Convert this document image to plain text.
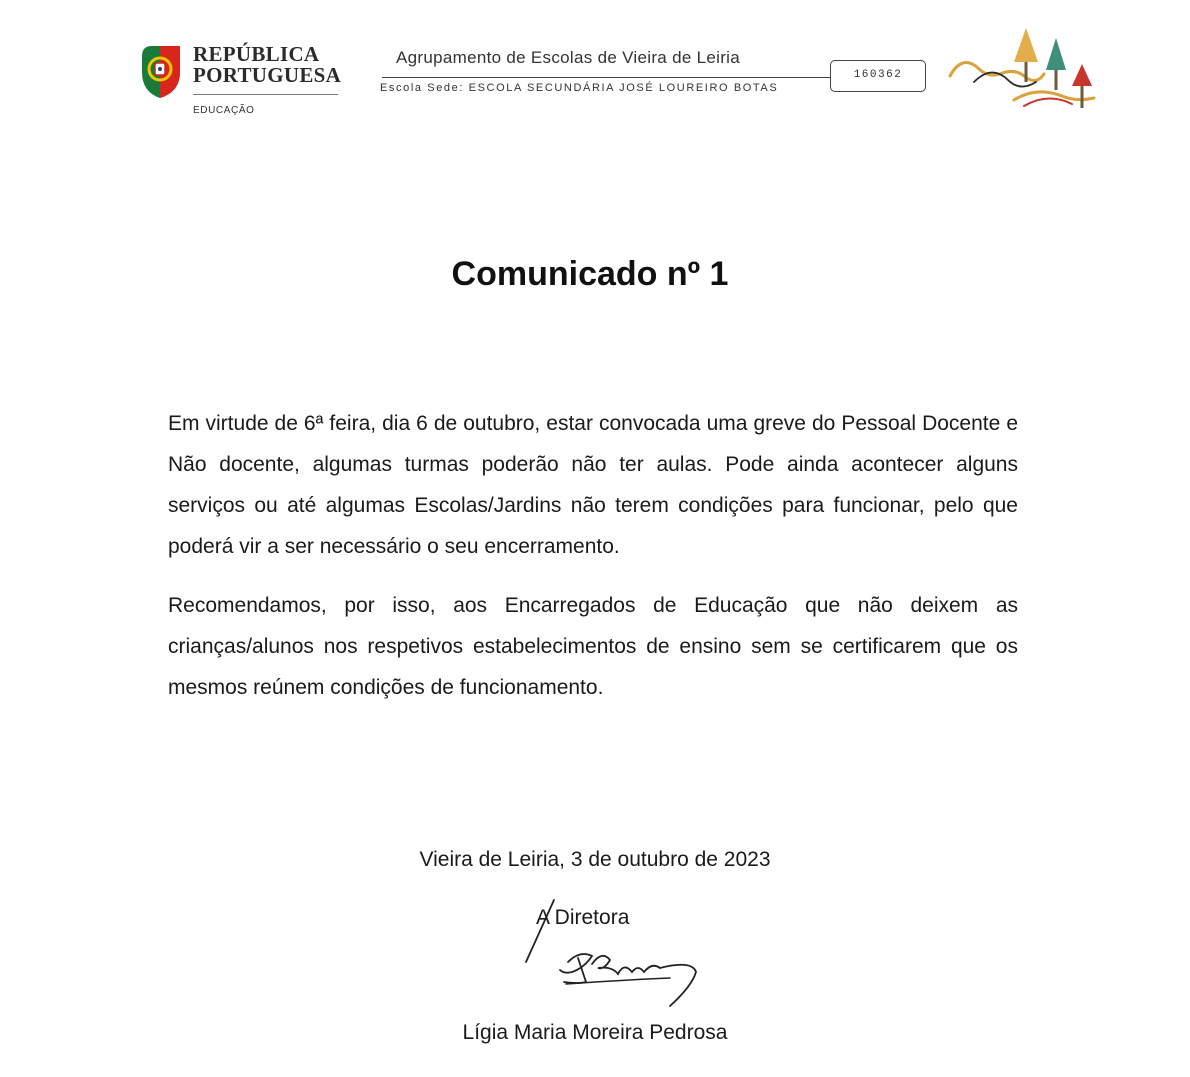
REPÚBLICA
PORTUGUESA
EDUCAÇÃO
Agrupamento de Escolas de Vieira de Leiria
Escola Sede: ESCOLA SECUNDÁRIA JOSÉ LOUREIRO BOTAS
160362
Comunicado nº 1
Em virtude de 6ª feira, dia 6 de outubro, estar convocada uma greve do Pessoal Docente e Não docente, algumas turmas poderão não ter aulas. Pode ainda acontecer alguns serviços ou até algumas Escolas/Jardins não terem condições para funcionar, pelo que poderá vir a ser necessário o seu encerramento.
Recomendamos, por isso, aos Encarregados de Educação que não deixem as crianças/alunos nos respetivos estabelecimentos de ensino sem se certificarem que os mesmos reúnem condições de funcionamento.
Vieira de Leiria, 3 de outubro de 2023
A Diretora
Lígia Maria Moreira Pedrosa
